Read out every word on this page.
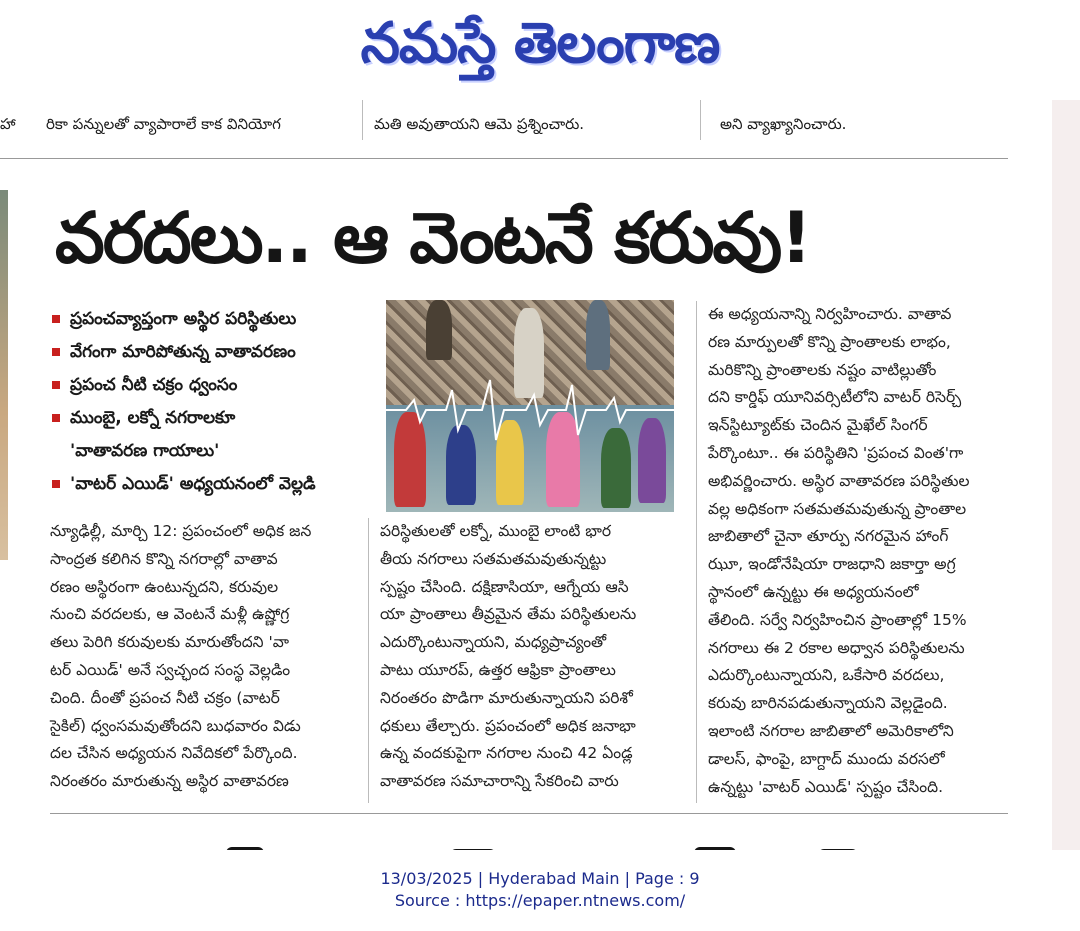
నమస్తే తెలంగాణ
హా రికా పన్నులతో వ్యాపారాలే కాక వినియోగ	మతి అవుతాయని ఆమె ప్రశ్నించారు.	అని వ్యాఖ్యానించారు.
వరదలు.. ఆ వెంటనే కరువు!
ప్రపంచవ్యాప్తంగా అస్థిర పరిస్థితులు
వేగంగా మారిపోతున్న వాతావరణం
ప్రపంచ నీటి చక్రం ధ్వంసం
ముంబై, లక్నో నగరాలకూ
'వాతావరణ గాయాలు'
'వాటర్ ఎయిడ్' అధ్యయనంలో వెల్లడి
న్యూఢిల్లీ, మార్చి 12: ప్రపంచంలో అధిక జన
సాంద్రత కలిగిన కొన్ని నగరాల్లో వాతావ
రణం అస్థిరంగా ఉంటున్నదని, కరువుల
నుంచి వరదలకు, ఆ వెంటనే మళ్లీ ఉష్ణోగ్ర
తలు పెరిగి కరువులకు మారుతోందని 'వా
టర్ ఎయిడ్' అనే స్వచ్ఛంద సంస్థ వెల్లడిం
చింది. దీంతో ప్రపంచ నీటి చక్రం (వాటర్
సైకిల్) ధ్వంసమవుతోందని బుధవారం విడు
దల చేసిన అధ్యయన నివేదికలో పేర్కొంది.
నిరంతరం మారుతున్న అస్థిర వాతావరణ
పరిస్థితులతో లక్నో, ముంబై లాంటి భార
తీయ నగరాలు సతమతమవుతున్నట్టు
స్పష్టం చేసింది. దక్షిణాసియా, ఆగ్నేయ ఆసి
యా ప్రాంతాలు తీవ్రమైన తేమ పరిస్థితులను
ఎదుర్కొంటున్నాయని, మధ్యప్రాచ్యంతో
పాటు యూరప్, ఉత్తర ఆఫ్రికా ప్రాంతాలు
నిరంతరం పొడిగా మారుతున్నాయని పరిశో
ధకులు తేల్చారు. ప్రపంచంలో అధిక జనాభా
ఉన్న వందకుపైగా నగరాల నుంచి 42 ఏండ్ల
వాతావరణ సమాచారాన్ని సేకరించి వారు
ఈ అధ్యయనాన్ని నిర్వహించారు. వాతావ
రణ మార్పులతో కొన్ని ప్రాంతాలకు లాభం,
మరికొన్ని ప్రాంతాలకు నష్టం వాటిల్లుతోం
దని కార్డిఫ్ యూనివర్సిటీలోని వాటర్ రిసెర్చ్
ఇన్‌స్టిట్యూట్‌కు చెందిన మైఖేల్ సింగర్
పేర్కొంటూ.. ఈ పరిస్థితిని 'ప్రపంచ వింత'గా
అభివర్ణించారు. అస్థిర వాతావరణ పరిస్థితుల
వల్ల అధికంగా సతమతమవుతున్న ప్రాంతాల
జాబితాలో చైనా తూర్పు నగరమైన హాంగ్
ఝూ, ఇండోనేషియా రాజధాని జకార్తా అగ్ర
స్థానంలో ఉన్నట్టు ఈ అధ్యయనంలో
తేలింది. సర్వే నిర్వహించిన ప్రాంతాల్లో 15%
నగరాలు ఈ 2 రకాల అధ్వాన పరిస్థితులను
ఎదుర్కొంటున్నాయని, ఒకేసారి వరదలు,
కరువు బారినపడుతున్నాయని వెల్లడైంది.
ఇలాంటి నగరాల జాబితాలో అమెరికాలోని
డాలస్, ఫాంపై, బాగ్దాద్ ముందు వరసలో
ఉన్నట్టు 'వాటర్ ఎయిడ్' స్పష్టం చేసింది.
13/03/2025 | Hyderabad Main | Page : 9
Source : https://epaper.ntnews.com/
